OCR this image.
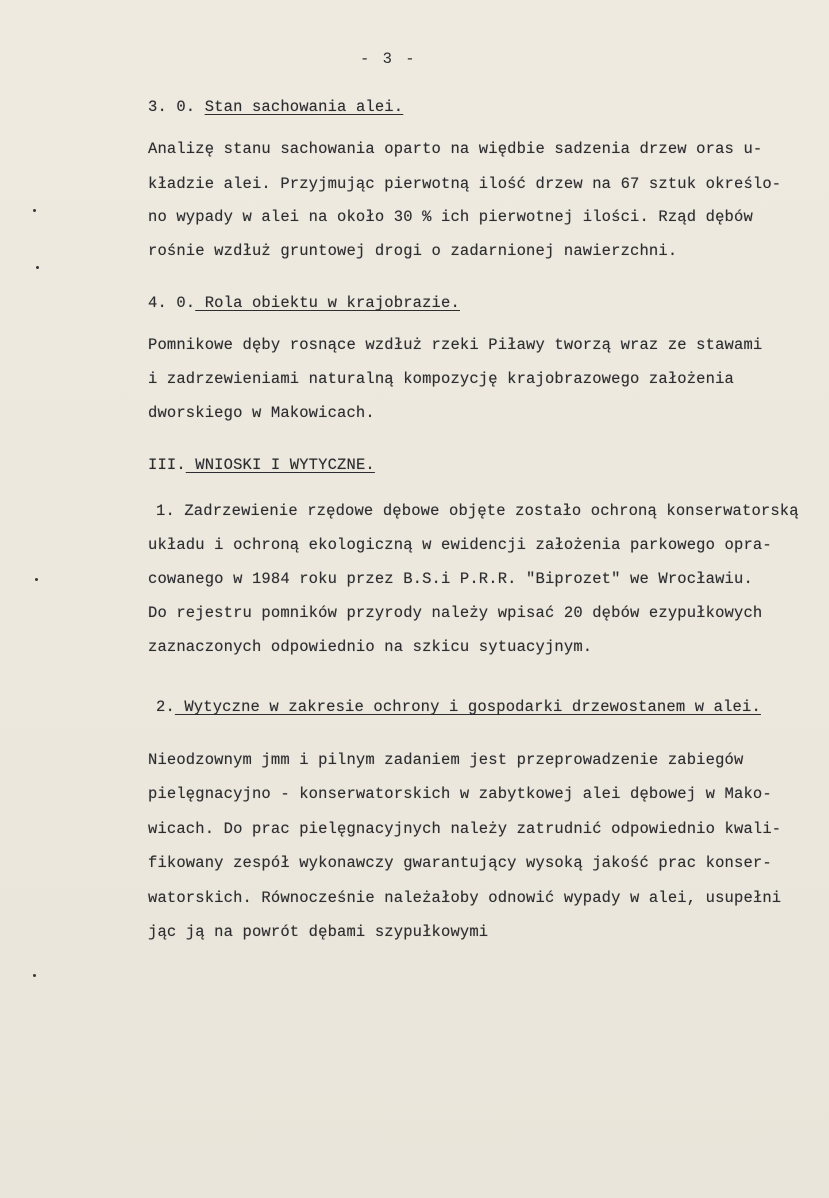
- 3 -

3. 0. Stan sachowania alei.

Analizę stanu sachowania oparto na więdbie sadzenia drzew oras u-

kładzie alei. Przyjmując pierwotną ilość drzew na 67 sztuk określo-

no wypady w alei na około 30 % ich pierwotnej ilości. Rząd dębów

rośnie wzdłuż gruntowej drogi o zadarnionej nawierzchni.

4. 0. Rola obiektu w krajobrazie.

Pomnikowe dęby rosnące wzdłuż rzeki Piławy tworzą wraz ze stawami

i zadrzewieniami naturalną kompozycję krajobrazowego założenia

dworskiego w Makowicach.

III. WNIOSKI I WYTYCZNE.

1. Zadrzewienie rzędowe dębowe objęte zostało ochroną konserwatorską

układu i ochroną ekologiczną w ewidencji założenia parkowego opra-

cowanego w 1984 roku przez B.S.i P.R.R. "Biprozet" we Wrocławiu.

Do rejestru pomników przyrody należy wpisać 20 dębów ezypułkowych

zaznaczonych odpowiednio na szkicu sytuacyjnym.

2. Wytyczne w zakresie ochrony i gospodarki drzewostanem w alei.

Nieodzownym jmm i pilnym zadaniem jest przeprowadzenie zabiegów

pielęgnacyjno - konserwatorskich w zabytkowej alei dębowej w Mako-

wicach. Do prac pielęgnacyjnych należy zatrudnić odpowiednio kwali-

fikowany zespół wykonawczy gwarantujący wysoką jakość prac konser-

watorskich. Równocześnie należałoby odnowić wypady w alei, usupełni

jąc ją na powrót dębami szypułkowymi
